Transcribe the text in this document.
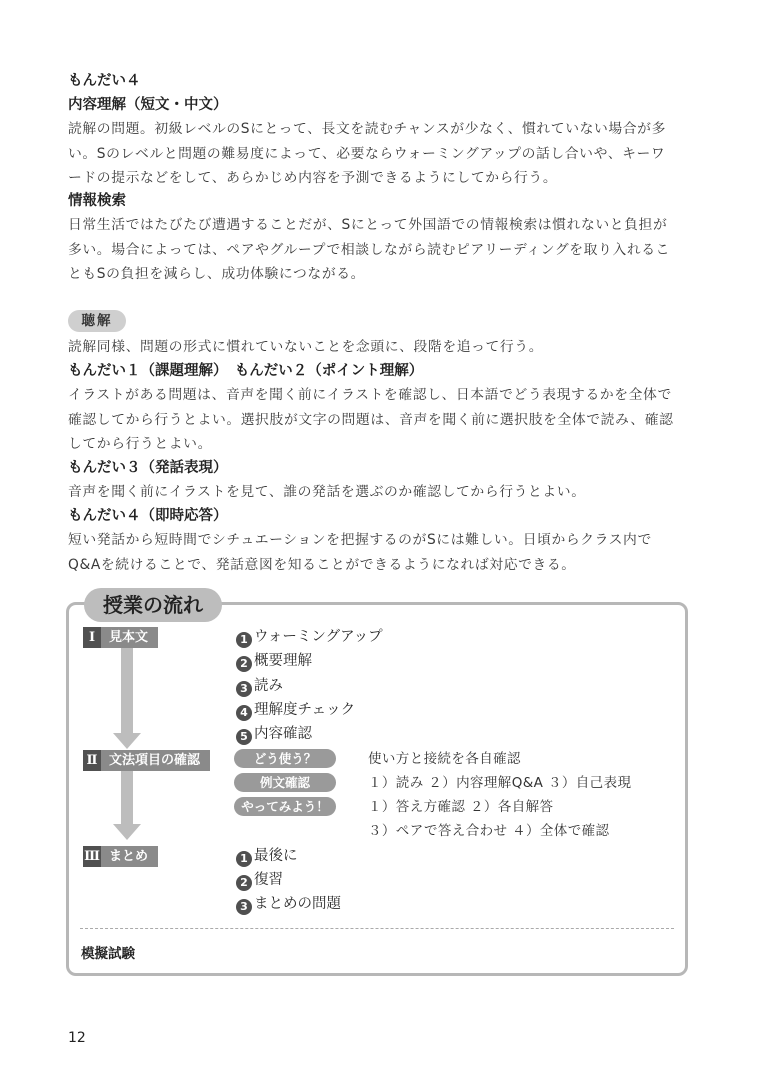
もんだい４
内容理解（短文・中文）
読解の問題。初級レベルのSにとって、長文を読むチャンスが少なく、慣れていない場合が多
い。Sのレベルと問題の難易度によって、必要ならウォーミングアップの話し合いや、キーワ
ードの提示などをして、あらかじめ内容を予測できるようにしてから行う。
情報検索
日常生活ではたびたび遭遇することだが、Sにとって外国語での情報検索は慣れないと負担が
多い。場合によっては、ペアやグループで相談しながら読むピアリーディングを取り入れるこ
ともSの負担を減らし、成功体験につながる。
聴解
読解同様、問題の形式に慣れていないことを念頭に、段階を追って行う。
もんだい１（課題理解）　もんだい２（ポイント理解）
イラストがある問題は、音声を聞く前にイラストを確認し、日本語でどう表現するかを全体で
確認してから行うとよい。選択肢が文字の問題は、音声を聞く前に選択肢を全体で読み、確認
してから行うとよい。
もんだい３（発話表現）
音声を聞く前にイラストを見て、誰の発話を選ぶのか確認してから行うとよい。
もんだい４（即時応答）
短い発話から短時間でシチュエーションを把握するのがSには難しい。日頃からクラス内で
Q&Aを続けることで、発話意図を知ることができるようになれば対応できる。
授業の流れ
Ⅰ	見本文	1 ウォーミングアップ
2 概要理解
3 読み
4 理解度チェック
5 内容確認
Ⅱ 文法項目の確認	どう使う？	使い方と接続を各自確認
例文確認	１）読み ２）内容理解Q&A ３）自己表現
やってみよう！	１）答え方確認 ２）各自解答
３）ペアで答え合わせ ４）全体で確認
Ⅲ まとめ	1 最後に
2 復習
3 まとめの問題
模擬試験
12
